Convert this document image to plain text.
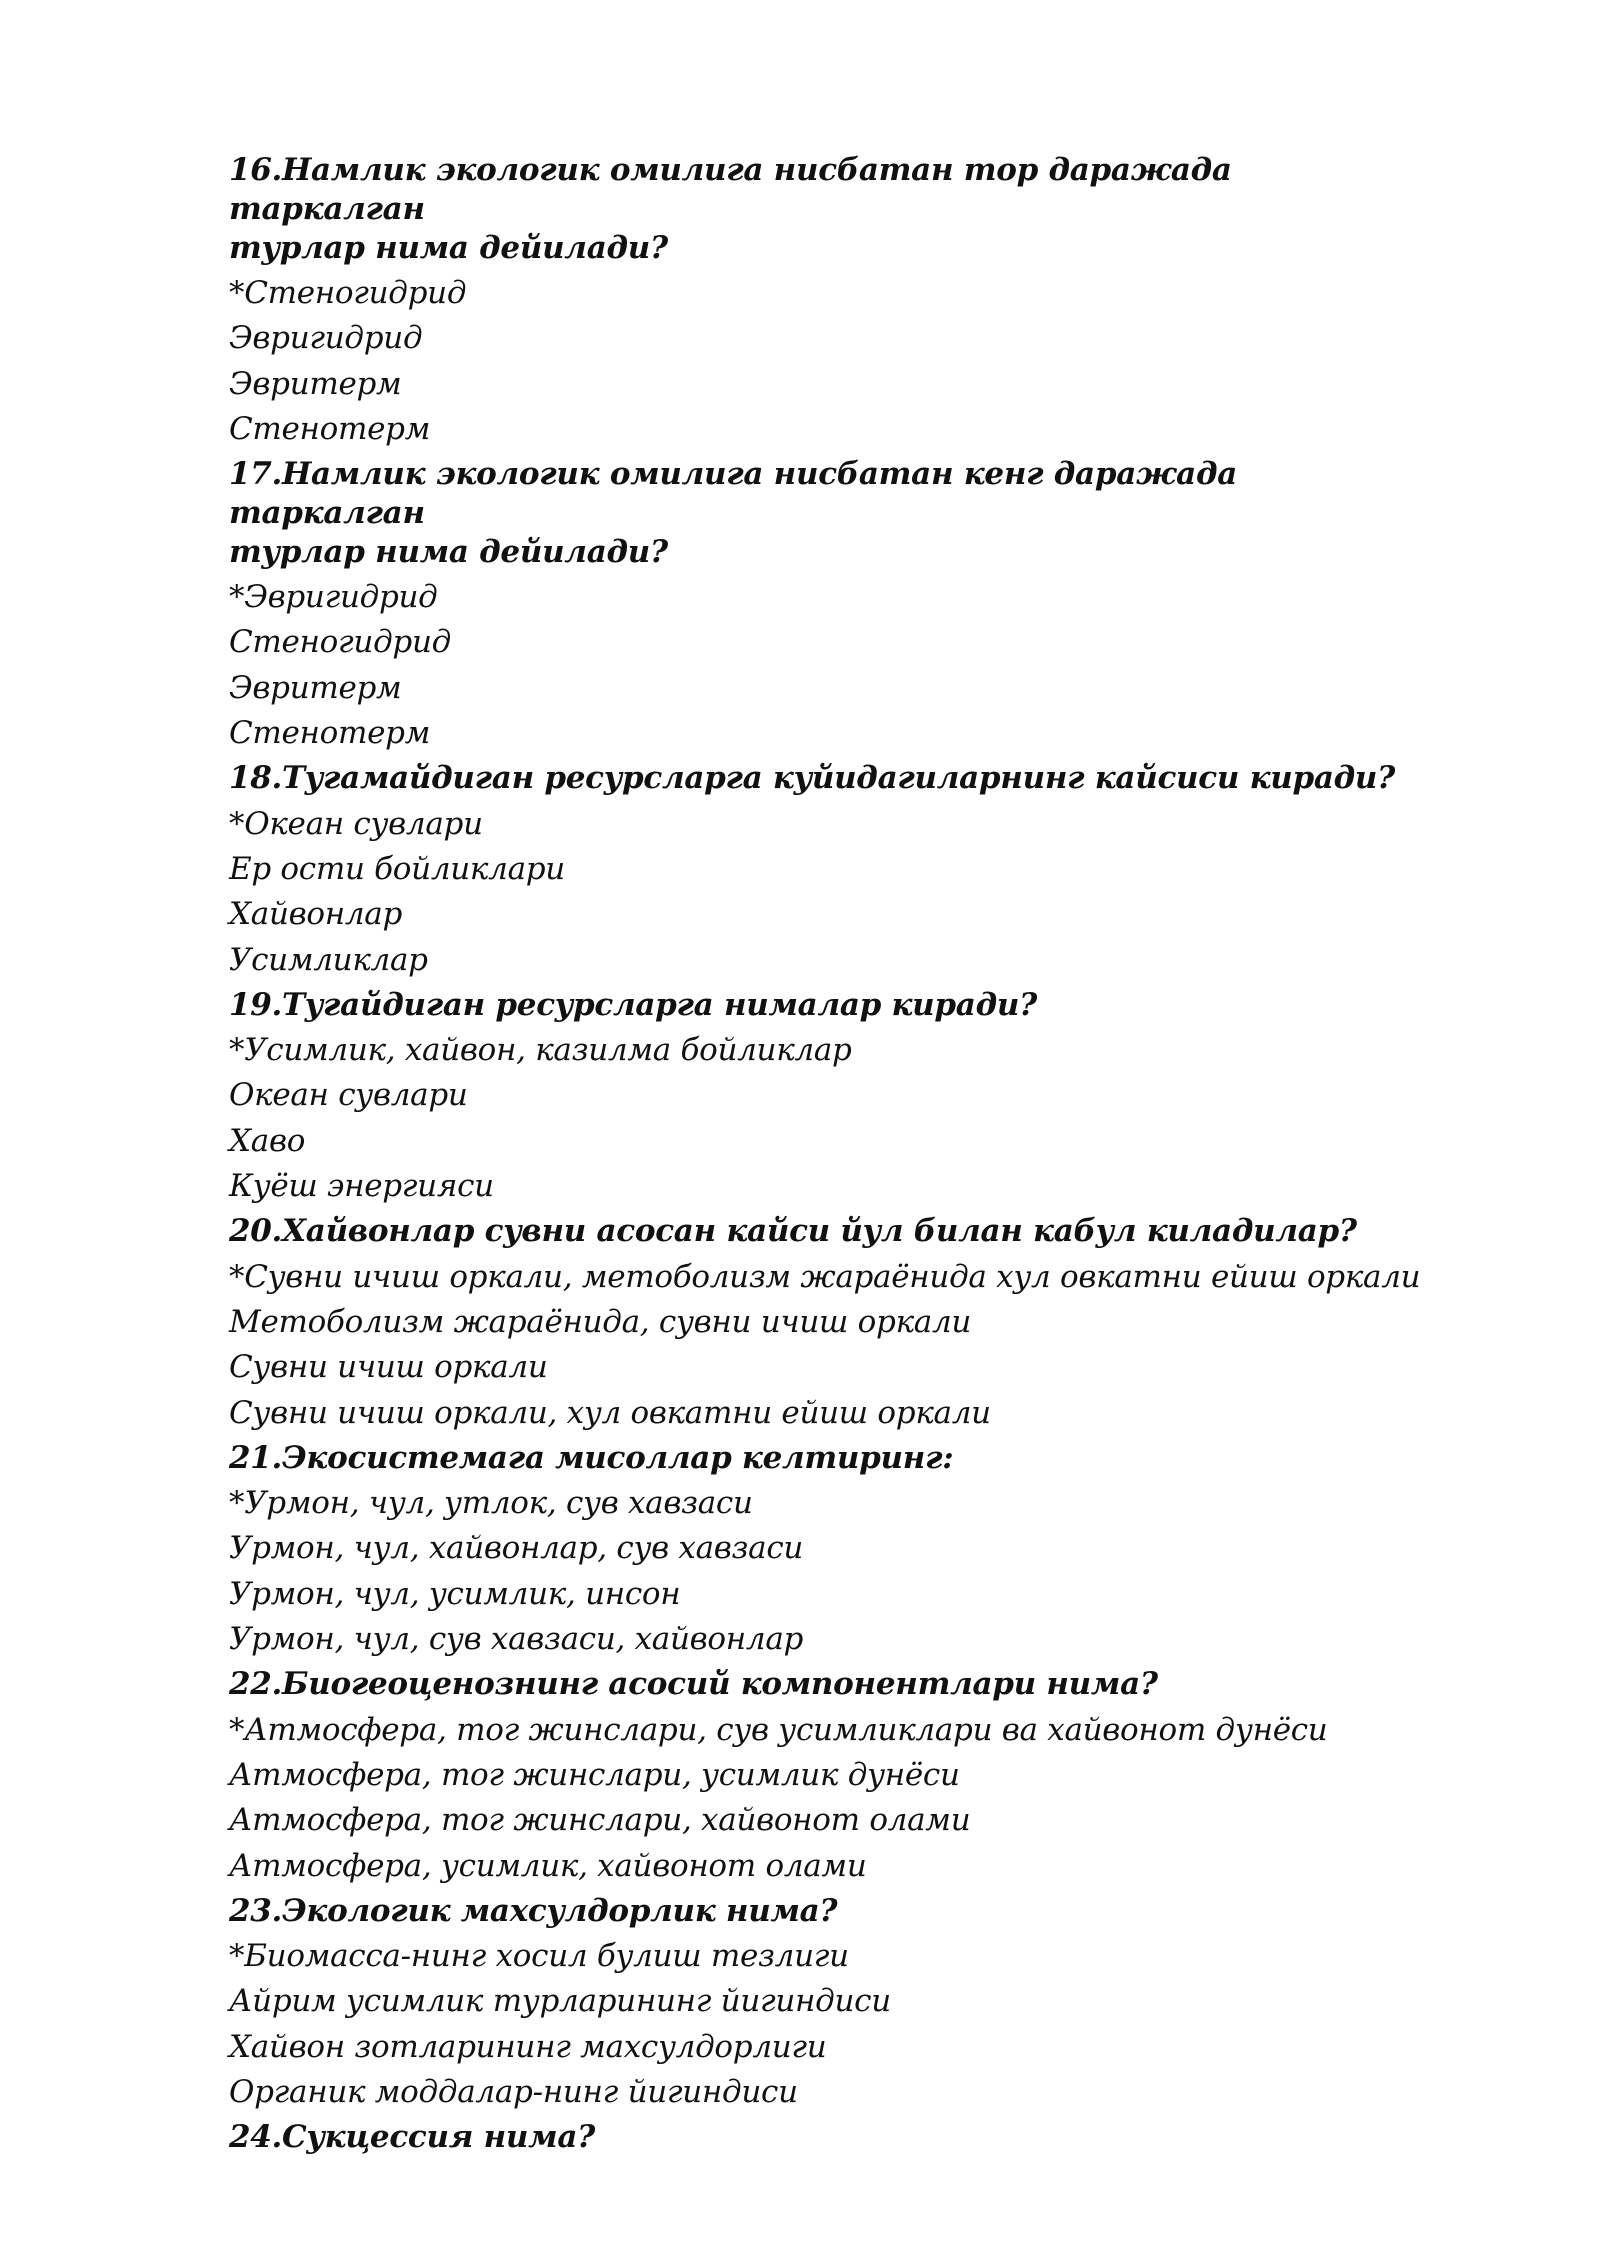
16.Намлик экологик омилига нисбатан тор даражада таркалган
турлар нима дейилади?

*Стеногидрид

Эвригидрид

Эвритерм

Стенотерм

17.Намлик экологик омилига нисбатан кенг даражада таркалган
турлар нима дейилади?

*Эвригидрид

Стеногидрид

Эвритерм

Стенотерм

18.Тугамайдиган ресурсларга куйидагиларнинг кайсиси киради?

*Океан сувлари

Ер ости бойликлари

Хайвонлар

Усимликлар

19.Тугайдиган ресурсларга нималар киради?

*Усимлик, хайвон, казилма бойликлар

Океан сувлари

Хаво

Куёш энергияси

20.Хайвонлар сувни асосан кайси йул билан кабул киладилар?

*Сувни ичиш оркали, метоболизм жараёнида хул овкатни ейиш оркали

Метоболизм жараёнида, сувни ичиш оркали

Сувни ичиш оркали

Сувни ичиш оркали, хул овкатни ейиш оркали

21.Экосистемага мисоллар келтиринг:

*Урмон, чул, утлок, сув хавзаси

Урмон, чул, хайвонлар, сув хавзаси

Урмон, чул, усимлик, инсон

Урмон, чул, сув хавзаси, хайвонлар

22.Биогеоценознинг асосий компонентлари нима?

*Атмосфера, тог жинслари, сув усимликлари ва хайвонот дунёси

Атмосфера, тог жинслари, усимлик дунёси

Атмосфера, тог жинслари, хайвонот олами

Атмосфера, усимлик, хайвонот олами

23.Экологик махсулдорлик нима?

*Биомасса-нинг хосил булиш тезлиги

Айрим усимлик турларининг йигиндиси

Хайвон зотларининг махсулдорлиги

Органик моддалар-нинг йигиндиси

24.Сукцессия нима?
